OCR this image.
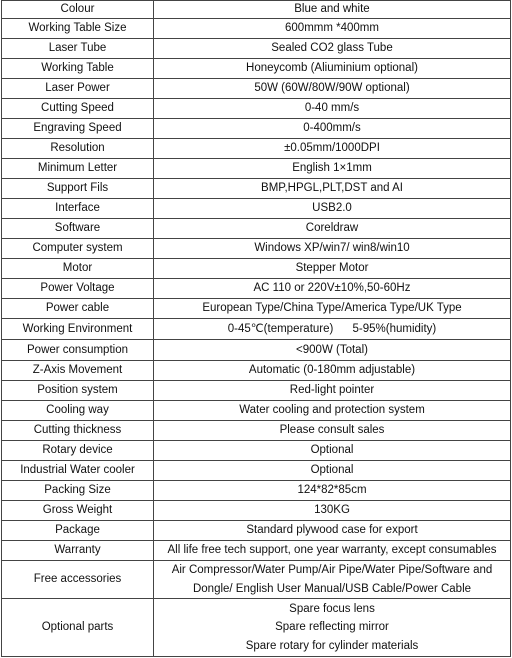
Colour	Blue and white
Working Table Size	600mmm *400mm
Laser Tube	Sealed CO2 glass Tube
Working Table	Honeycomb (Aliuminium optional)
Laser Power	50W (60W/80W/90W optional)
Cutting Speed	0-40 mm/s
Engraving Speed	0-400mm/s
Resolution	±0.05mm/1000DPI
Minimum Letter	English 1×1mm
Support Fils	BMP,HPGL,PLT,DST and AI
Interface	USB2.0
Software	Coreldraw
Computer system	Windows XP/win7/ win8/win10
Motor	Stepper Motor
Power Voltage	AC 110 or 220V±10%,50-60Hz
Power cable	European Type/China Type/America Type/UK Type
Working Environment	0-45℃(temperature)      5-95%(humidity)
Power consumption	<900W (Total)
Z-Axis Movement	Automatic (0-180mm adjustable)
Position system	Red-light pointer
Cooling way	Water cooling and protection system
Cutting thickness	Please consult sales
Rotary device	Optional
Industrial Water cooler	Optional
Packing Size	124*82*85cm
Gross Weight	130KG
Package	Standard plywood case for export
Warranty	All life free tech support, one year warranty, except consumables
Free accessories	Air Compressor/Water Pump/Air Pipe/Water Pipe/Software and
Dongle/ English User Manual/USB Cable/Power Cable

Optional parts	Spare focus lens
Spare reflecting mirror
Spare rotary for cylinder materials
